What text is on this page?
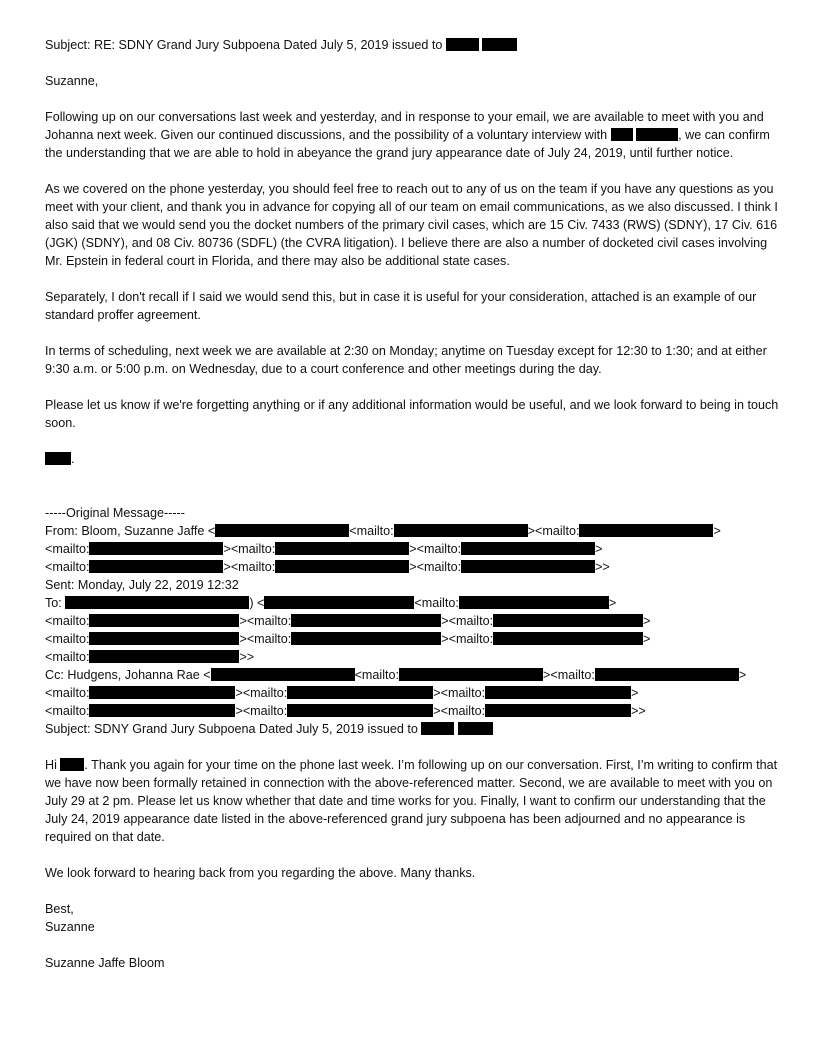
Subject: RE: SDNY Grand Jury Subpoena Dated July 5, 2019 issued to
Suzanne,
Following up on our conversations last week and yesterday, and in response to your email, we are available to meet with you and Johanna next week. Given our continued discussions, and the possibility of a voluntary interview with	, we can confirm the understanding that we are able to hold in abeyance the grand jury appearance date of July 24, 2019, until further notice.
As we covered on the phone yesterday, you should feel free to reach out to any of us on the team if you have any questions as you meet with your client, and thank you in advance for copying all of our team on email communications, as we also discussed. I think I also said that we would send you the docket numbers of the primary civil cases, which are 15 Civ. 7433 (RWS) (SDNY), 17 Civ. 616 (JGK) (SDNY), and 08 Civ. 80736 (SDFL) (the CVRA litigation). I believe there are also a number of docketed civil cases involving Mr. Epstein in federal court in Florida, and there may also be additional state cases.
Separately, I don't recall if I said we would send this, but in case it is useful for your consideration, attached is an example of our standard proffer agreement.
In terms of scheduling, next week we are available at 2:30 on Monday; anytime on Tuesday except for 12:30 to 1:30; and at either 9:30 a.m. or 5:00 p.m. on Wednesday, due to a court conference and other meetings during the day.
Please let us know if we're forgetting anything or if any additional information would be useful, and we look forward to being in touch soon.
.
-----Original Message-----
From: Bloom, Suzanne Jaffe <	<mailto:	><mailto:	>
<mailto:	><mailto:	><mailto:	>
<mailto:	><mailto:	><mailto:	>>
Sent: Monday, July 22, 2019 12:32
To:	) <	<mailto:	>
<mailto:	><mailto:	><mailto:	>
<mailto:	><mailto:	><mailto:	>
<mailto:	>>
Cc: Hudgens, Johanna Rae <	<mailto:	><mailto:	>
<mailto:	><mailto:	><mailto:	>
<mailto:	><mailto:	><mailto:	>>
Subject: SDNY Grand Jury Subpoena Dated July 5, 2019 issued to
Hi . Thank you again for your time on the phone last week. I’m following up on our conversation. First, I’m writing to confirm that we have now been formally retained in connection with the above-referenced matter. Second, we are available to meet with you on July 29 at 2 pm. Please let us know whether that date and time works for you. Finally, I want to confirm our understanding that the July 24, 2019 appearance date listed in the above-referenced grand jury subpoena has been adjourned and no appearance is required on that date.
We look forward to hearing back from you regarding the above. Many thanks.
Best,
Suzanne
Suzanne Jaffe Bloom
